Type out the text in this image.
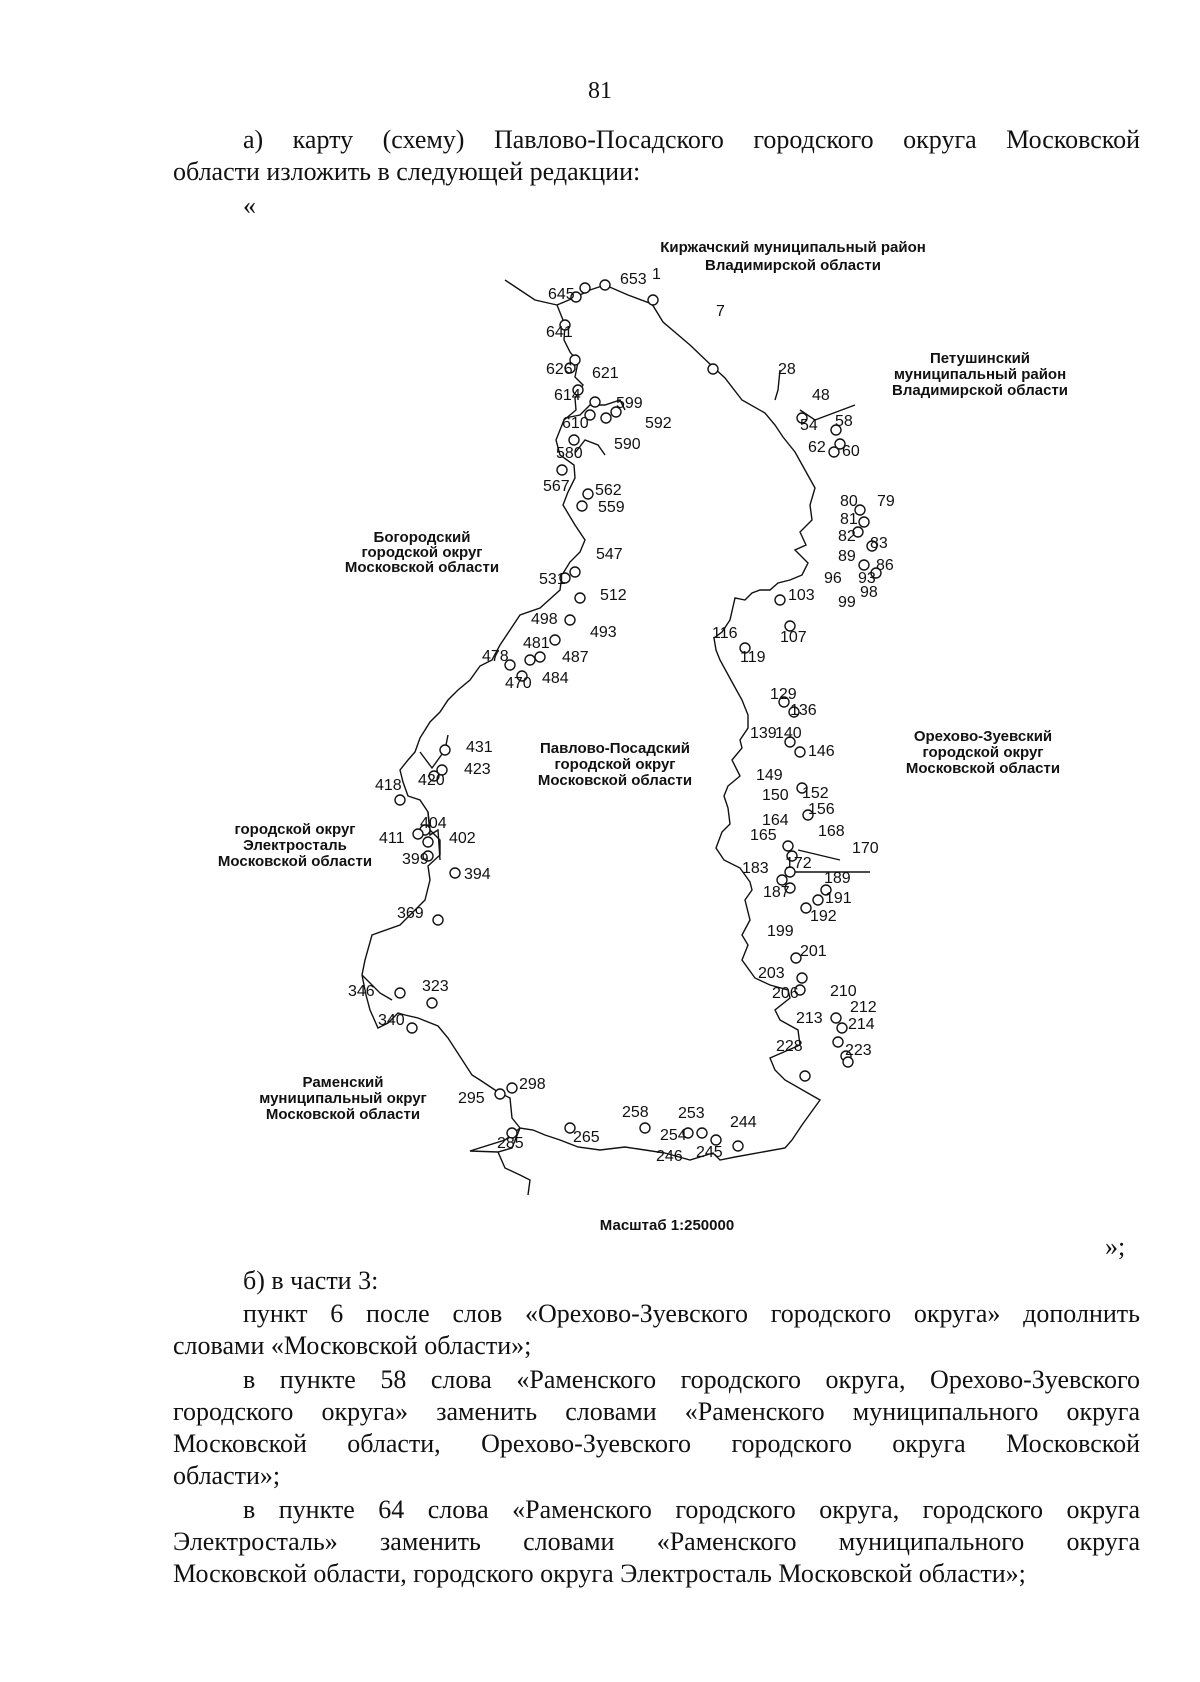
81

а) карту (схему) Павлово-Посадского городского округа Московской

области изложить в следующей редакции:

«

Киржачский муниципальный район
Владимирской области
Петушинский
муниципальный район
Владимирской области
Богородский
городской округ
Московской области
Павлово-Посадский
городской округ
Московской области
Орехово-Зуевский
городской округ
Московской области
городской округ
Электросталь
Московской области
Раменский
муниципальный округ
Московской области
653 1
645
7
641
626 621
614 599
610	592
580
590
567 562
559
547
531
512
498
493
481
478	487
470 484
431
420
423
418
404
411	402
399
394
369
323
346
340
298
295
285	265
258 253
254
246 245
244
28
48
54 58
62 60
80 79
81
82 83
89
86
96 93
98
99
103
116	107
119
129
136
139
140
146
149
150 152
156
164
168
165
170
183 172
189
187 191
192
199
201
203
206 210
212
213 214
228	223
Масштаб 1:250000
»;

б) в части 3:

пункт 6 после слов «Орехово-Зуевского городского округа» дополнить

словами «Московской области»;

в пункте 58 слова «Раменского городского округа, Орехово-Зуевского

городского округа» заменить словами «Раменского муниципального округа

Московской области, Орехово-Зуевского городского округа Московской

области»;

в пункте 64 слова «Раменского городского округа, городского округа

Электросталь» заменить словами «Раменского муниципального округа

Московской области, городского округа Электросталь Московской области»;
